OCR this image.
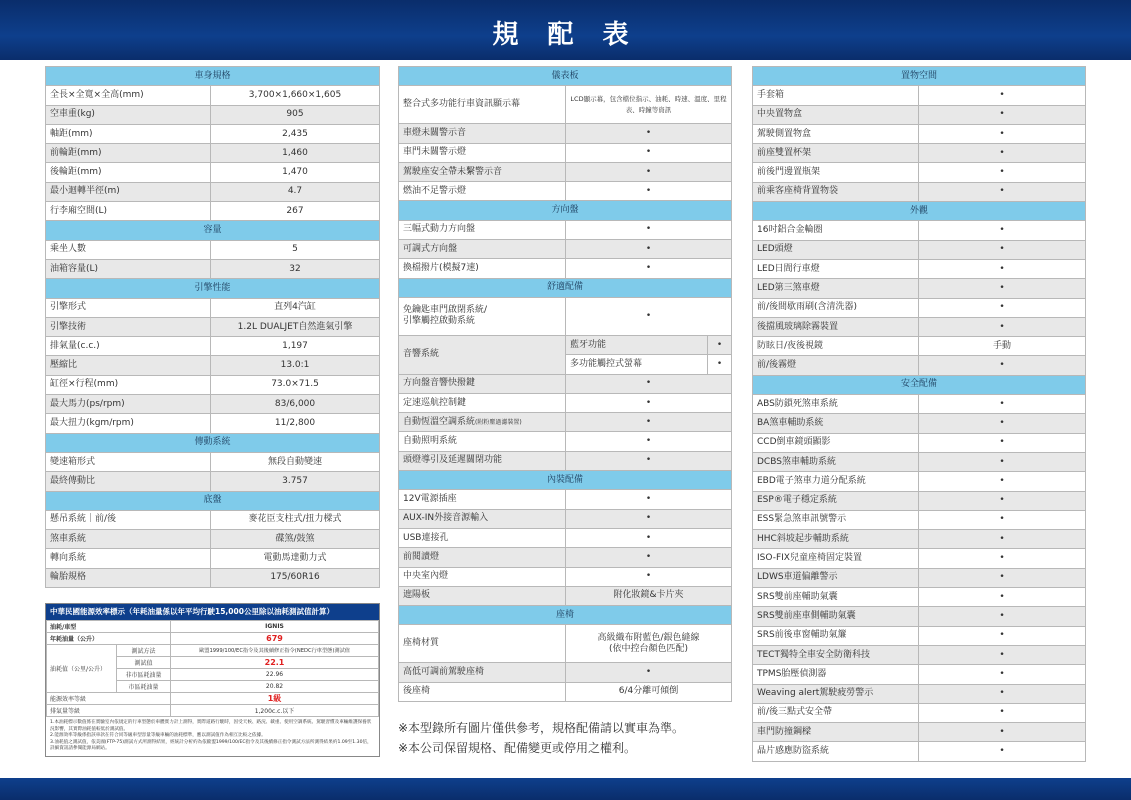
規 配 表
車身規格	
全長×全寬×全高(mm)	3,700×1,660×1,605
空車重(kg)	905
軸距(mm)	2,435
前輪距(mm)	1,460
後輪距(mm)	1,470
最小迴轉半徑(m)	4.7
行李廂空間(L)	267
容量	
乘坐人數	5
油箱容量(L)	32
引擎性能	
引擎形式	直列4汽缸
引擎技術	1.2L DUALJET自然進氣引擎
排氣量(c.c.)	1,197
壓縮比	13.0:1
缸徑×行程(mm)	73.0×71.5
最大馬力(ps/rpm)	83/6,000
最大扭力(kgm/rpm)	11/2,800
傳動系統	
變速箱形式	無段自動變速
最終傳動比	3.757
底盤	
懸吊系統｜前/後	麥花臣支柱式/扭力樑式
煞車系統	碟煞/鼓煞
轉向系統	電動馬達動力式
輪胎規格	175/60R16
儀表板		
整合式多功能行車資訊顯示幕	LCD顯示幕，包含檔位指示、油耗、時速、溫度、里程表、時鐘等資訊	
車燈未關警示音	•	
車門未關警示燈	•	
駕駛座安全帶未繫警示音	•	
燃油不足警示燈	•	
方向盤		
三幅式動力方向盤	•	
可調式方向盤	•	
換檔撥片(模擬7速)	•	
舒適配備		
免鑰匙車門啟閉系統/
引擎觸控啟動系統	•	
音響系統	藍牙功能	•
	多功能觸控式螢幕	•
方向盤音響快撥鍵	•	
定速巡航控制鍵	•	
自動恆溫空調系統(附粉塵過濾裝置)	•	
自動照明系統	•	
頭燈導引及延遲關閉功能	•	
內裝配備		
12V電源插座	•	
AUX-IN外接音源輸入	•	
USB連接孔	•	
前閱讀燈	•	
中央室內燈	•	
遮陽板	附化妝鏡&卡片夾	
座椅		
座椅材質	高級織布附藍色/銀色縫線
(依中控台顏色匹配)	
高低可調前駕駛座椅	•	
後座椅	6/4分離可傾倒	
置物空間	
手套箱	•
中央置物盒	•
駕駛側置物盒	•
前座雙置杯架	•
前後門邊置瓶架	•
前乘客座椅背置物袋	•
外觀	
16吋鋁合金輪圈	•
LED頭燈	•
LED日間行車燈	•
LED第三煞車燈	•
前/後間歇雨刷(含清洗器)	•
後擋風玻璃除霧裝置	•
防眩日/夜後視鏡	手動
前/後霧燈	•
安全配備	
ABS防鎖死煞車系統	•
BA煞車輔助系統	•
CCD倒車鏡頭顯影	•
DCBS煞車輔助系統	•
EBD電子煞車力道分配系統	•
ESP®電子穩定系統	•
ESS緊急煞車訊號警示	•
HHC斜坡起步輔助系統	•
ISO-FIX兒童座椅固定裝置	•
LDWS車道偏離警示	•
SRS雙前座輔助氣囊	•
SRS雙前座車側輔助氣囊	•
SRS前後車窗輔助氣簾	•
TECT獨特全車安全防衛科技	•
TPMS胎壓偵測器	•
Weaving alert駕駛疲勞警示	•
前/後三點式安全帶	•
車門防撞鋼樑	•
晶片感應防盜系統	•
中華民國能源效率標示（年耗油量係以年平均行駛15,000公里除以油耗測試值計算）
油耗/車型		IGNIS
年耗油量（公升）		679
油耗值（公里/公升）	測試方法	歐盟1999/100/EC指令及其後續修正指令(NEDC行車型態)測試值
	測試值	22.1
	非市區耗油量	22.96
	市區耗油量	20.82
能源效率等級		1級
排氣量等級		1,200c.c.以下
1.本油耗標示數值係在實驗室內依規定的行車型態於車體實力計上測得，實際道路行駛時，因受天候、路況、載重、使用空調系統、駕駛習慣及車輛維護保養狀況影響，其實際油耗值較低於測試值。
2.能源效率等級係指該車款在符合同等級車型容量等級車輛的油耗標準，應以測試值作為相互比較之依據。
3.油耗值之測試值，依美國(FTP-75)測試方式所測得結果，經統計分析約為依歐盟1999/100/EC指令及其後續修正指令測試方法所測得結果約1.09至1.30倍，詳細資訊請參閱能源局網站。
※本型錄所有圖片僅供參考，規格配備請以實車為準。
※本公司保留規格、配備變更或停用之權利。
